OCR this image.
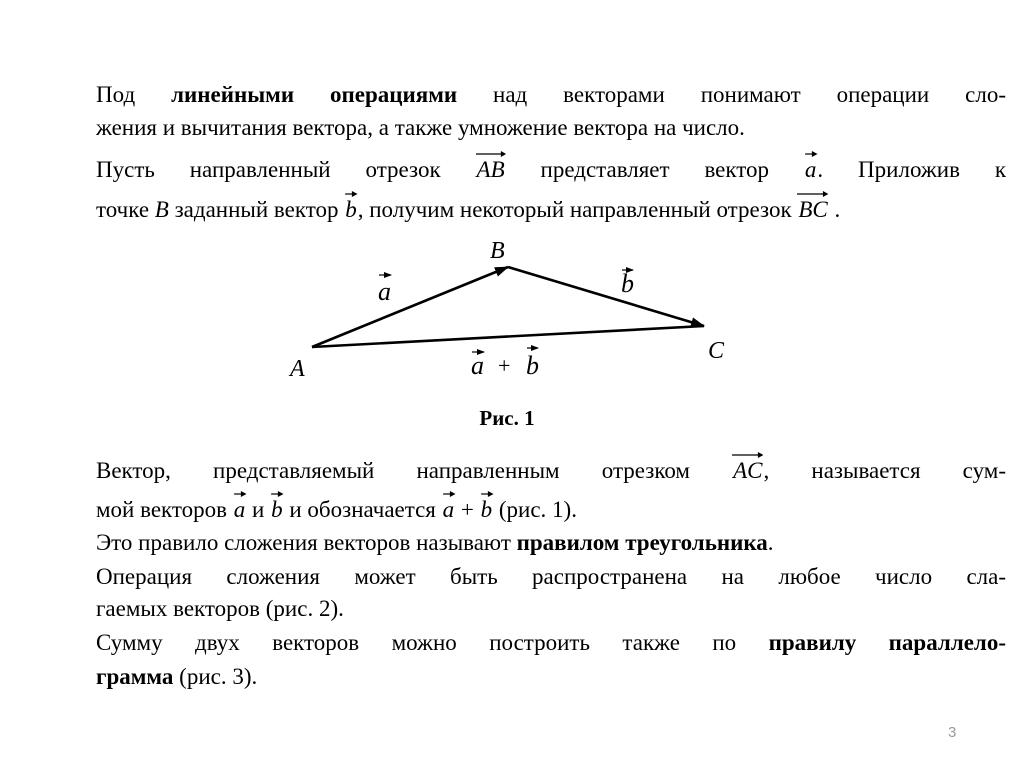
Под линейными операциями над векторами понимают операции сло-
жения и вычитания вектора, а также умножение вектора на число.
Пусть направленный отрезок AB представляет вектор a. Приложив к
точке B заданный вектор b, получим некоторый направленный отрезок BC .
A
B
C
a	b
a + b
Рис. 1
Вектор, представляемый направленным отрезком AC, называется сум-
мой векторов a и b и обозначается a + b (рис. 1).
Это правило сложения векторов называют правилом треугольника.
Операция сложения может быть распространена на любое число сла-
гаемых векторов (рис. 2).
Сумму двух векторов можно построить также по правилу параллело-
грамма (рис. 3).
3
